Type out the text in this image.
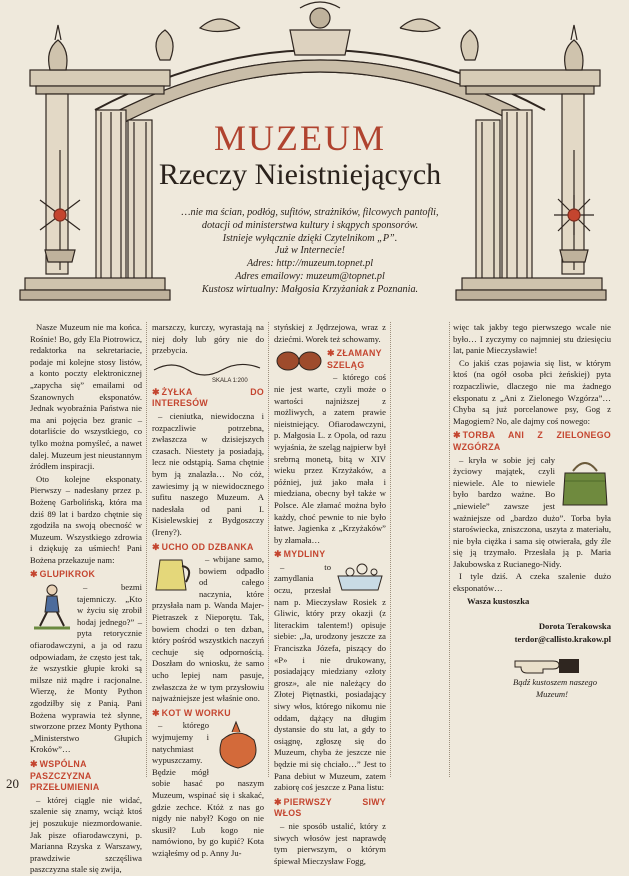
MUZEUM
Rzeczy Nieistniejących

…nie ma ścian, podłóg, sufitów, strażników, filcowych pantofli,

dotacji od ministerstwa kultury i skąpych sponsorów.

Istnieje wyłącznie dzięki Czytelnikom „P”.

Już w Internecie!

Adres: http://muzeum.topnet.pl

Adres emailowy: muzeum@topnet.pl

Kustosz wirtualny: Małgosia Krzyżaniak z Poznania.

Nasze Muzeum nie ma końca. Rośnie! Bo, gdy Ela Piotrowicz, redaktorka na sekretariacie, podaje mi kolejne stosy listów, a konto poczty elektronicznej „zapycha się” emailami od Szanownych eksponatów. Jednak wyobraźnia Państwa nie ma ani pojęcia bez granic – dotarliście do wszystkiego, co tylko można pomyśleć, a nawet dalej. Muzeum jest nieustannym źródłem inspiracji.

Oto kolejne eksponaty. Pierwszy – nadesłany przez p. Bożenę Garbolińską, która ma dziś 89 lat i bardzo chętnie się zgodziła na swoją obecność w Muzeum. Wszystkiego zdrowia i dziękuję za uśmiech! Pani Bożena przekazuje nam:

✱ GLUPIKROK

– bezmi tajemniczy. „Kto w życiu się zrobił hodaj jednego?” – pyta retorycznie ofiarodawczyni, a ja od razu odpowiadam, że często jest tak, że wszystkie głupie kroki są milsze niż mądre i racjonalne. Wierzę, że Monty Python zgodziłby się z Panią. Pani Bożena wyprawia też słynne, stworzone przez Monty Pythona „Ministerstwo Głupich Kroków”…

✱ WSPÓLNA PASZCZYZNA PRZEŁUMIENIA

– której ciągle nie widać, szalenie się znamy, wciąż ktoś jej poszukuje niezmordowanie. Jak pisze ofiarodawczyni, p. Marianna Rzyska z Warszawy, prawdziwie szczęśliwa paszczyzna stale się zwija,

marszczy, kurczy, wyrastają na niej doły lub góry nie do przebycia.

SKALA 1:200
✱ ŻYŁKA DO INTERESÓW

– cieniutka, niewidoczna i rozpaczliwie potrzebna, zwłaszcza w dzisiejszych czasach. Niestety ja posiadają, lecz nie odstąpią. Sama chętnie bym ją znalazła… No cóż, zawiesimy ją w niewidocznego sufitu naszego Muzeum. A nadesłała od pani I. Kisielewskiej z Bydgoszczy (Ireny?).

✱ UCHO OD DZBANKA

– wbijane samo, bowiem odpadło od całego naczynia, które przysłała nam p. Wanda Majer-Pietraszek z Nieporętu. Tak, bowiem chodzi o ten dzban, który pośród wszystkich naczyń cechuje się odpornością. Doszłam do wniosku, że samo ucho lepiej nam pasuje, zwłaszcza że w tym przysłowiu najważniejsze jest właśnie ono.

✱ KOT W WORKU

– którego wyjmujemy i natychmiast wypuszczamy. Będzie mógł sobie hasać po naszym Muzeum, wspinać się i skakać, gdzie zechce. Któż z nas go nigdy nie nabył? Kogo on nie skusił? Lub kogo nie namówiono, by go kupić? Kota wziąłeśmy od p. Anny Ju-

styńskiej z Jędrzejowa, wraz z dziećmi. Worek też schowamy.

✱ ZŁAMANY SZELĄG

– którego coś nie jest warte, czyli może o wartości najniższej z możliwych, a zatem prawie nieistniejący. Ofiarodawczyni, p. Małgosia L. z Opola, od razu wyjaśnia, że szeląg najpierw był srebrną monetą, bitą w XIV wieku przez Krzyżaków, a później, już jako mała i miedziana, obecny był także w Polsce. Ale złamać można było każdy, choć pewnie to nie było łatwe. Jagienka z „Krzyżaków” by złamała…

✱ MYDLINY

– to zamydlania oczu, przesłał nam p. Mieczysław Rosiek z Gliwic, który przy okazji (z literackim talentem!) opisuje siebie: „Ja, urodzony jeszcze za Franciszka Józefa, piszący do «P» i nie drukowany, posiadający miedziany «złoty grosz», ale nie należący do Złotej Piętnastki, posiadający siwy włos, którego nikomu nie oddam, dążący na długim dystansie do stu lat, a gdy to osiągnę, zgłoszę się do Muzeum, chyba że jeszcze nie będzie mi się chciało…” Jest to Pana debiut w Muzeum, zatem zabiorę coś jeszcze z Pana listu:

✱ PIERWSZY SIWY WŁOS

– nie sposób ustalić, który z siwych włosów jest naprawdę tym pierwszym, o którym śpiewał Mieczysław Fogg,

więc tak jakby tego pierwszego wcale nie było… I zyczymy co najmniej stu dziesięciu lat, panie Mieczysławie!

Co jakiś czas pojawia się list, w którym ktoś (na ogół osoba płci żeńskiej) pyta rozpaczliwie, dlaczego nie ma żadnego eksponatu z „Ani z Zielonego Wzgórza”… Chyba są już porcelanowe psy, Gog z Magogiem? No, ale dajmy coś nowego:

✱ TORBA ANI Z ZIELONEGO WZGÓRZA

– kryła w sobie jej cały życiowy majątek, czyli niewiele. Ale to niewiele było bardzo ważne. Bo „niewiele” zawsze jest ważniejsze od „bardzo dużo”. Torba była staroświecka, zniszczona, uszyta z materiału, nie była ciężka i sama się otwierała, gdy źle się ją trzymało. Przesłała ją p. Maria Jakubowska z Rucianego-Nidy.

I tyle dziś. A czeka szalenie dużo eksponatów…

Wasza kustoszka

Dorota Terakowska

terdor@callisto.krakow.pl

Bądź kustoszem naszego Muzeum!

20
